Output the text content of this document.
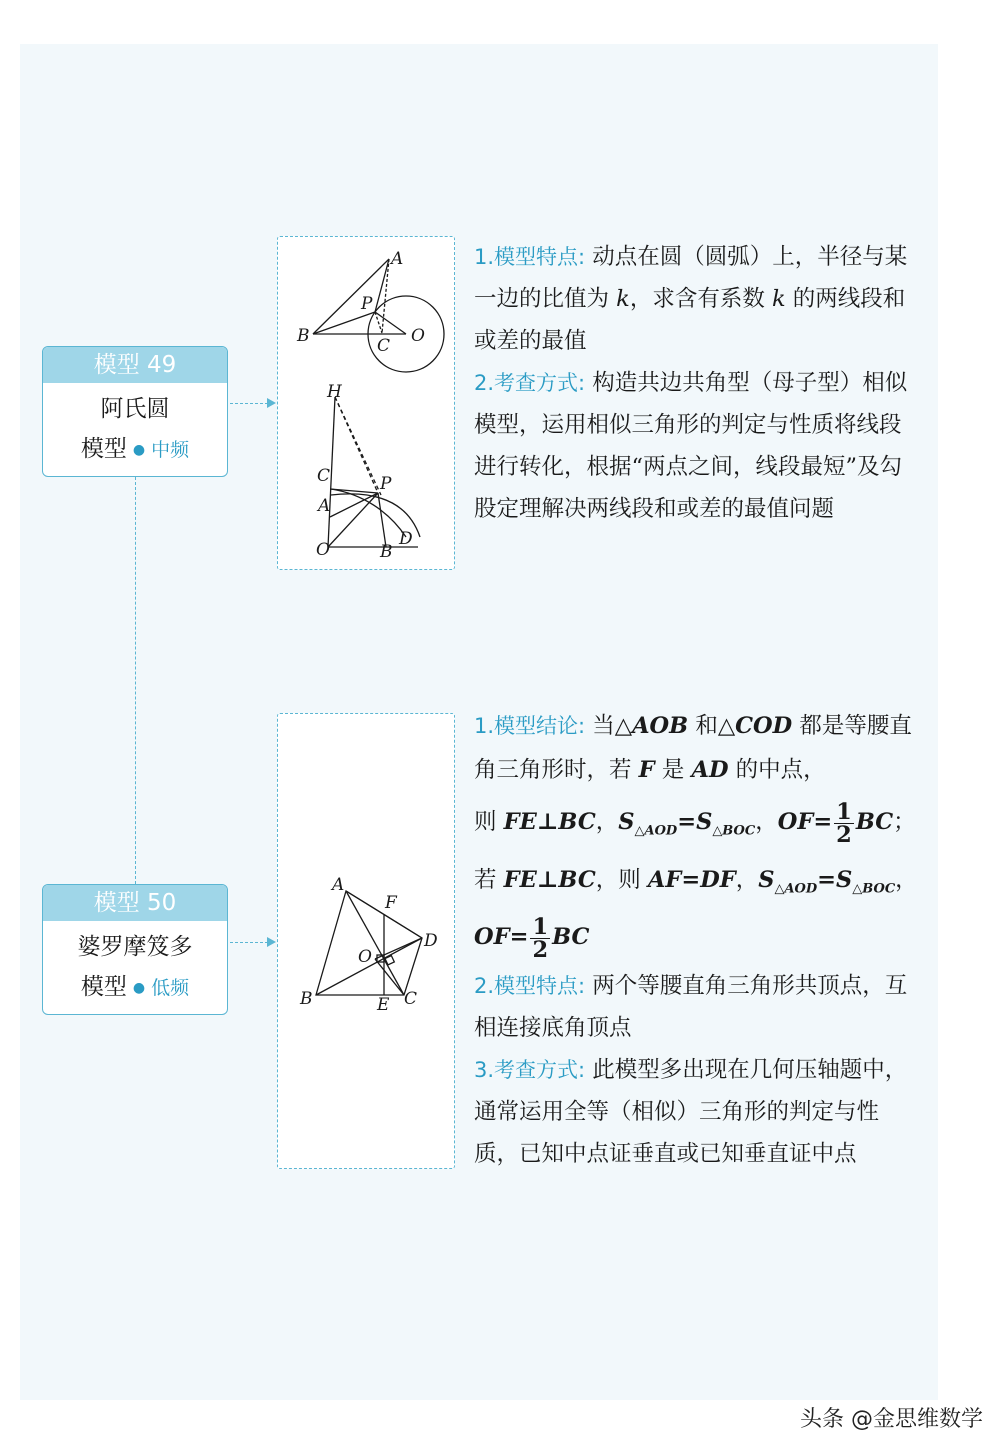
模型 49
阿氏圆
模型 ● 中频
A
P
B	C O
H
C	P
A
O	B
D

1.模型特点: 动点在圆（圆弧）上，半径与某一边的比值为 k，求含有系数 k 的两线段和或差的最值

2.考查方式: 构造共边共角型（母子型）相似模型，运用相似三角形的判定与性质将线段进行转化，根据“两点之间，线段最短”及勾股定理解决两线段和或差的最值问题

模型 50
婆罗摩笈多
模型 ● 低频
A
F
O
D
B	E C

1.模型结论: 当△AOB 和△COD 都是等腰直角三角形时，若 F 是 AD 的中点，

则 FE⊥BC，$S_{\triangle AOD}=S_{\triangle BOC}$，$OF= \frac{1}{2}$ BC；

若 FE⊥BC，则 AF=DF，$S_{\triangle AOD}=S_{\triangle BOC}$，

$OF= \frac{1}{2}$ BC

2.模型特点: 两个等腰直角三角形共顶点，互相连接底角顶点

3.考查方式: 此模型多出现在几何压轴题中，通常运用全等（相似）三角形的判定与性质，已知中点证垂直或已知垂直证中点

头条 @金思维数学
